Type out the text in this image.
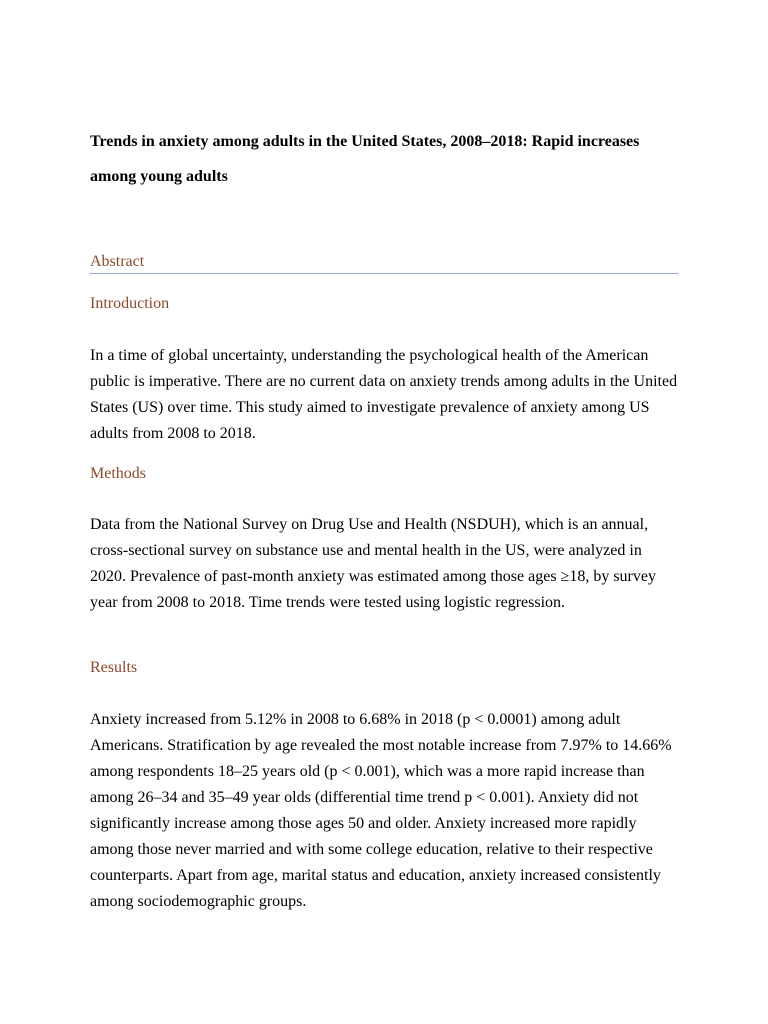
Trends in anxiety among adults in the United States, 2008–2018: Rapid increases among young adults
Abstract
Introduction

In a time of global uncertainty, understanding the psychological health of the American public is imperative. There are no current data on anxiety trends among adults in the United States (US) over time. This study aimed to investigate prevalence of anxiety among US adults from 2008 to 2018.

Methods

Data from the National Survey on Drug Use and Health (NSDUH), which is an annual, cross-sectional survey on substance use and mental health in the US, were analyzed in 2020. Prevalence of past-month anxiety was estimated among those ages ≥18, by survey year from 2008 to 2018. Time trends were tested using logistic regression.

Results

Anxiety increased from 5.12% in 2008 to 6.68% in 2018 (p < 0.0001) among adult Americans. Stratification by age revealed the most notable increase from 7.97% to 14.66% among respondents 18–25 years old (p < 0.001), which was a more rapid increase than among 26–34 and 35–49 year olds (differential time trend p < 0.001). Anxiety did not significantly increase among those ages 50 and older. Anxiety increased more rapidly among those never married and with some college education, relative to their respective counterparts. Apart from age, marital status and education, anxiety increased consistently among sociodemographic groups.
